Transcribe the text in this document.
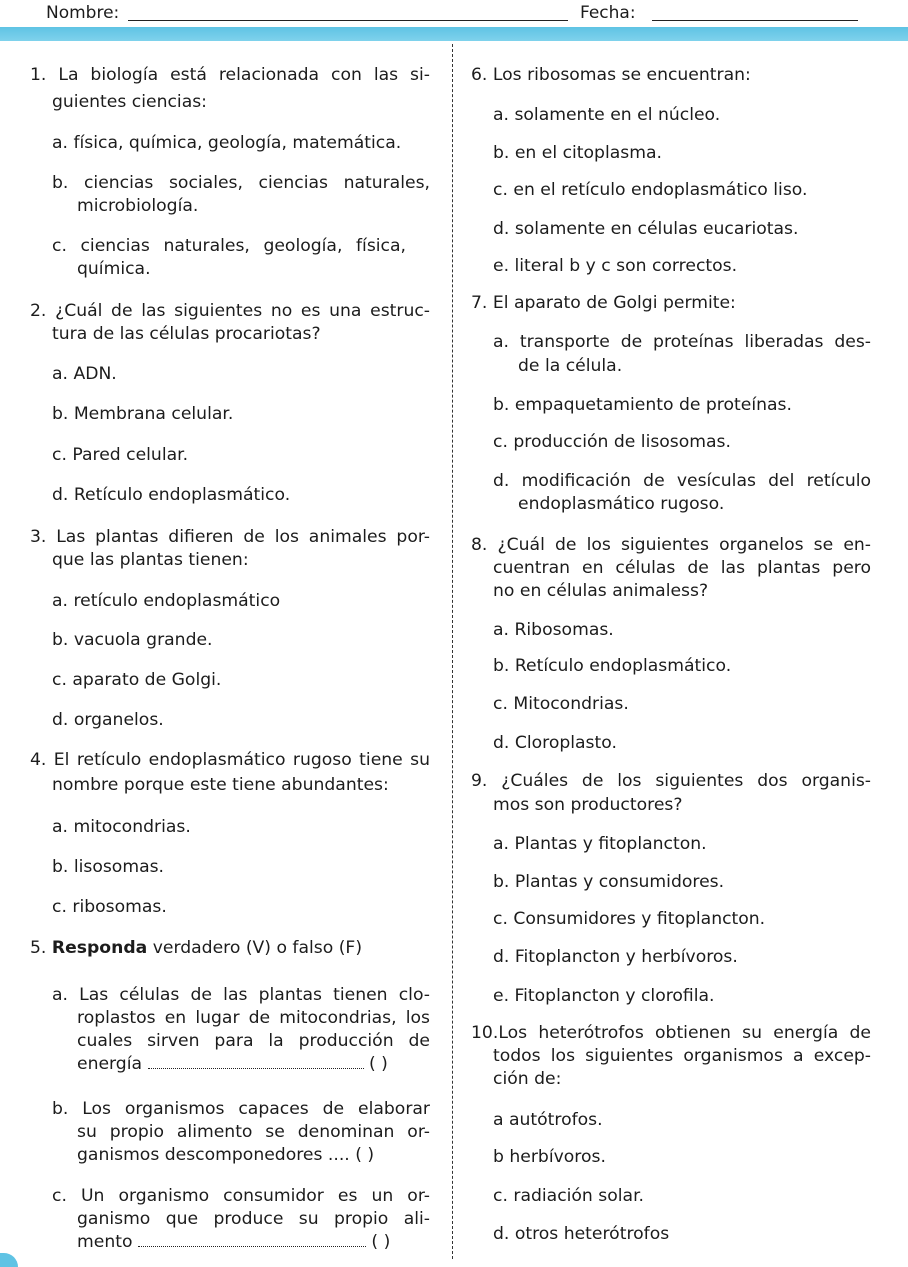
Nombre:	Fecha:
1. La biología está relacionada con las si-
guientes ciencias:
a. física, química, geología, matemática.
b. ciencias sociales, ciencias naturales,
microbiología.
c. ciencias naturales, geología, física,
química.
2. ¿Cuál de las siguientes no es una estruc-
tura de las células procariotas?
a. ADN.
b. Membrana celular.
c. Pared celular.
d. Retículo endoplasmático.
3. Las plantas difieren de los animales por-
que las plantas tienen:
a. retículo endoplasmático
b. vacuola grande.
c. aparato de Golgi.
d. organelos.
4. El retículo endoplasmático rugoso tiene su
nombre porque este tiene abundantes:
a. mitocondrias.
b. lisosomas.
c. ribosomas.
5. Responda verdadero (V) o falso (F)
a. Las células de las plantas tienen clo-
roplastos en lugar de mitocondrias, los
cuales sirven para la producción de
energía	( )
b. Los organismos capaces de elaborar
su propio alimento se denominan or-
ganismos descomponedores .... ( )
c. Un organismo consumidor es un or-
ganismo que produce su propio ali-
mento	( )
6. Los ribosomas se encuentran:
a. solamente en el núcleo.
b. en el citoplasma.
c. en el retículo endoplasmático liso.
d. solamente en células eucariotas.
e. literal b y c son correctos.
7. El aparato de Golgi permite:
a. transporte de proteínas liberadas des-
de la célula.
b. empaquetamiento de proteínas.
c. producción de lisosomas.
d. modificación de vesículas del retículo
endoplasmático rugoso.
8. ¿Cuál de los siguientes organelos se en-
cuentran en células de las plantas pero
no en células animaless?
a. Ribosomas.
b. Retículo endoplasmático.
c. Mitocondrias.
d. Cloroplasto.
9. ¿Cuáles de los siguientes dos organis-
mos son productores?
a. Plantas y fitoplancton.
b. Plantas y consumidores.
c. Consumidores y fitoplancton.
d. Fitoplancton y herbívoros.
e. Fitoplancton y clorofila.
10.Los heterótrofos obtienen su energía de
todos los siguientes organismos a excep-
ción de:
a autótrofos.
b herbívoros.
c. radiación solar.
d. otros heterótrofos
